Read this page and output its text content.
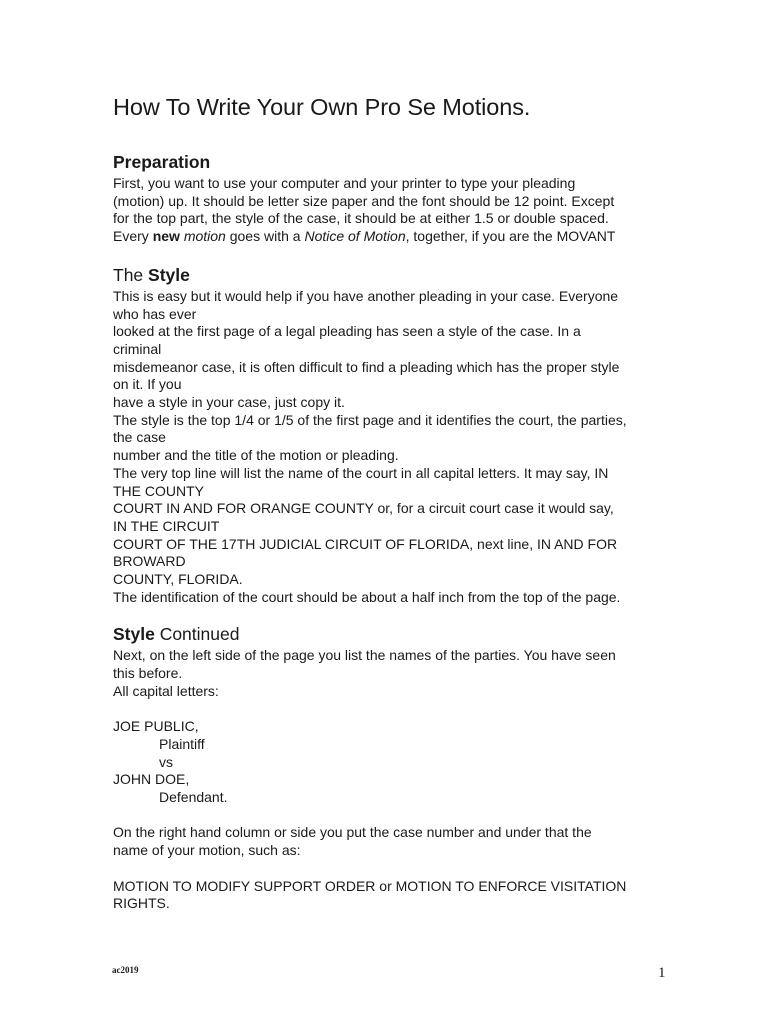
How To Write Your Own Pro Se Motions.
Preparation

First, you want to use your computer and your printer to type your pleading

(motion) up. It should be letter size paper and the font should be 12 point. Except

for the top part, the style of the case, it should be at either 1.5 or double spaced.

Every new motion goes with a Notice of Motion, together, if you are the MOVANT

The Style

This is easy but it would help if you have another pleading in your case. Everyone

who has ever

looked at the first page of a legal pleading has seen a style of the case. In a

criminal

misdemeanor case, it is often difficult to find a pleading which has the proper style

on it. If you

have a style in your case, just copy it.

The style is the top 1/4 or 1/5 of the first page and it identifies the court, the parties,

the case

number and the title of the motion or pleading.

The very top line will list the name of the court in all capital letters. It may say, IN

THE COUNTY

COURT IN AND FOR ORANGE COUNTY or, for a circuit court case it would say,

IN THE CIRCUIT

COURT OF THE 17TH JUDICIAL CIRCUIT OF FLORIDA, next line, IN AND FOR

BROWARD

COUNTY, FLORIDA.

The identification of the court should be about a half inch from the top of the page.

Style Continued

Next, on the left side of the page you list the names of the parties. You have seen

this before.

All capital letters:

JOE PUBLIC,

Plaintiff

vs

JOHN DOE,

Defendant.

On the right hand column or side you put the case number and under that the

name of your motion, such as:

MOTION TO MODIFY SUPPORT ORDER or MOTION TO ENFORCE VISITATION

RIGHTS.

ac2019	1
